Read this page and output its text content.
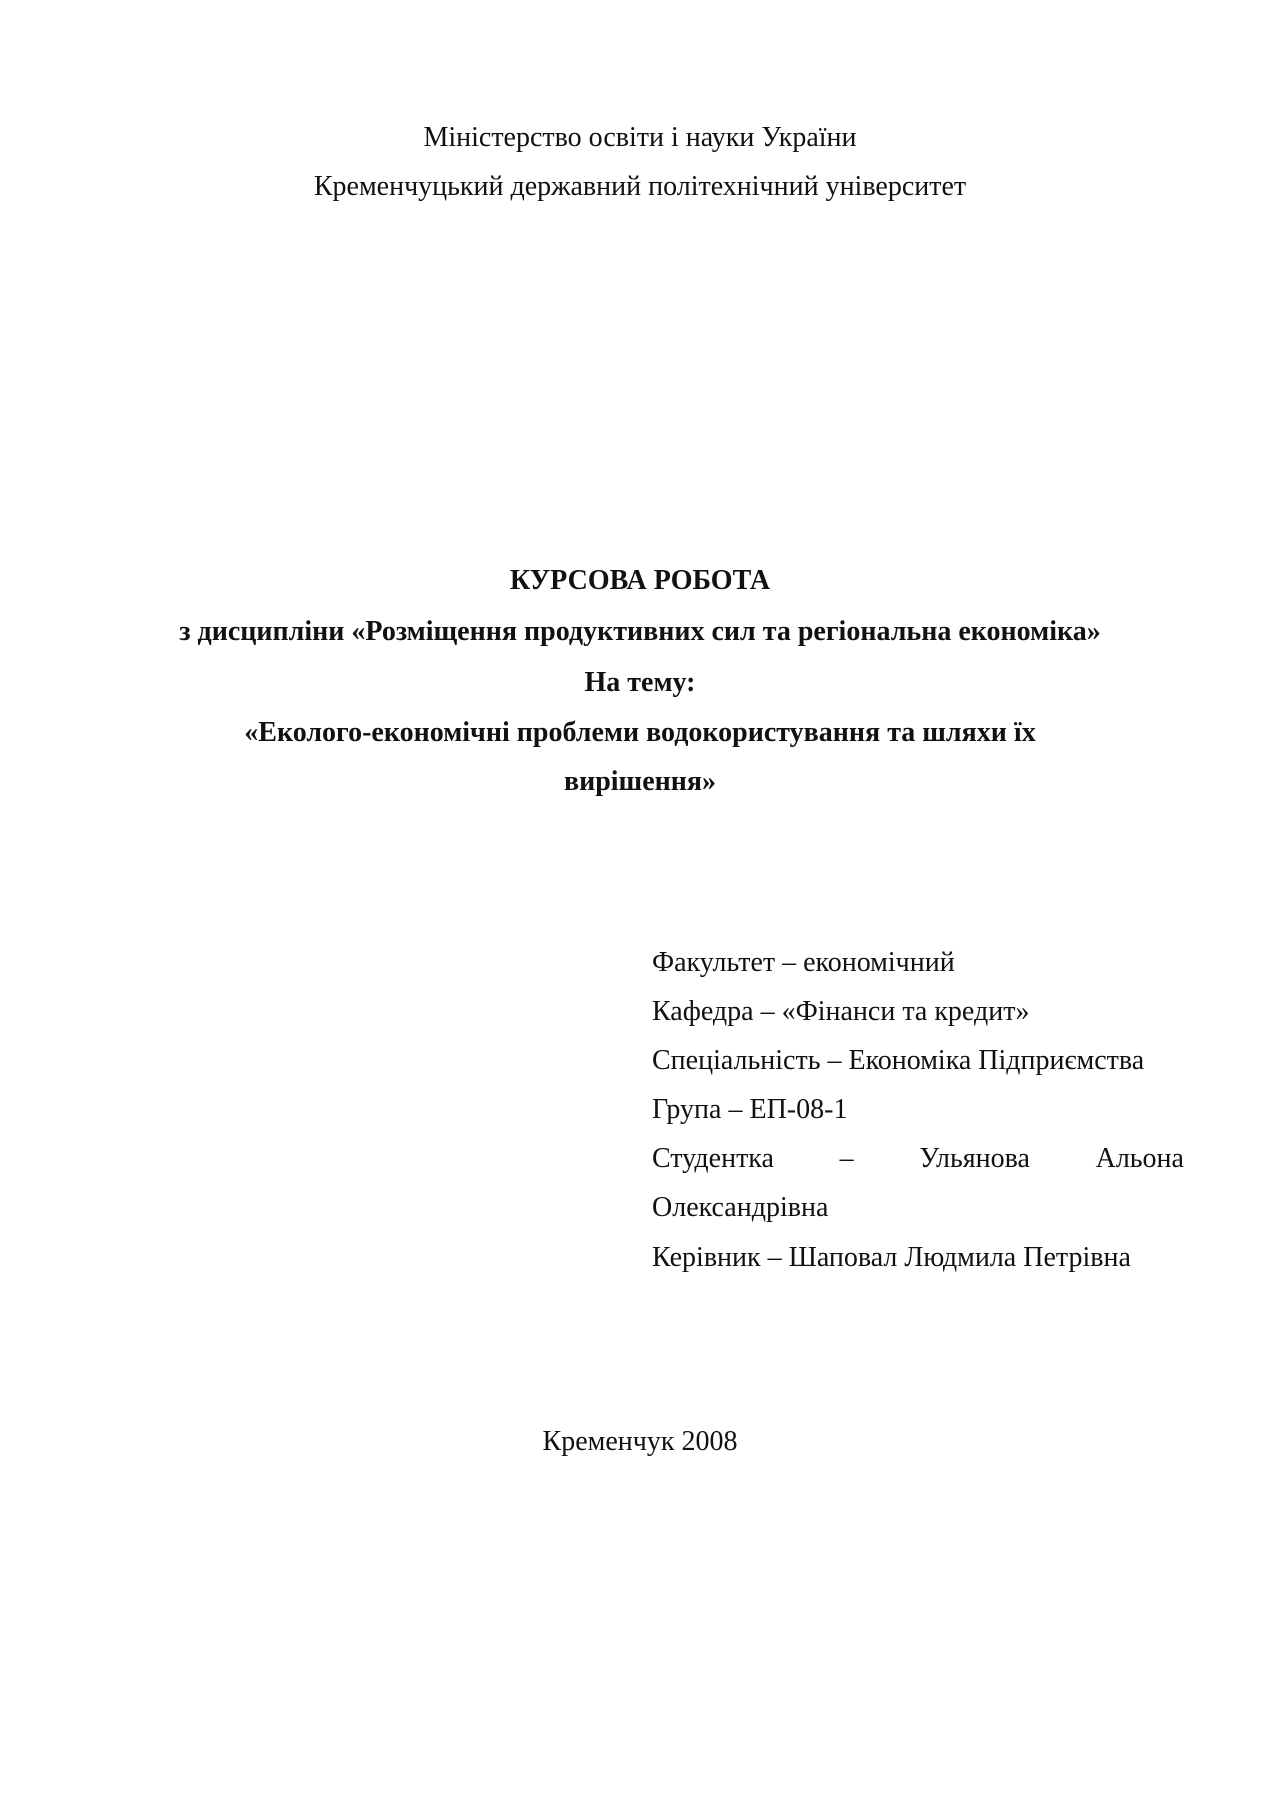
Міністерство освіти і науки України
Кременчуцький державний політехнічний університет
КУРСОВА РОБОТА
з дисципліни «Розміщення продуктивних сил та регіональна економіка»
На тему:
«Еколого-економічні проблеми водокористування та шляхи їх
вирішення»
Факультет – економічний
Кафедра – «Фінанси та кредит»
Спеціальність – Економіка Підприємства
Група – ЕП-08-1
Студентка – Ульянова Альона
Олександрівна
Керівник – Шаповал Людмила Петрівна
Кременчук 2008
